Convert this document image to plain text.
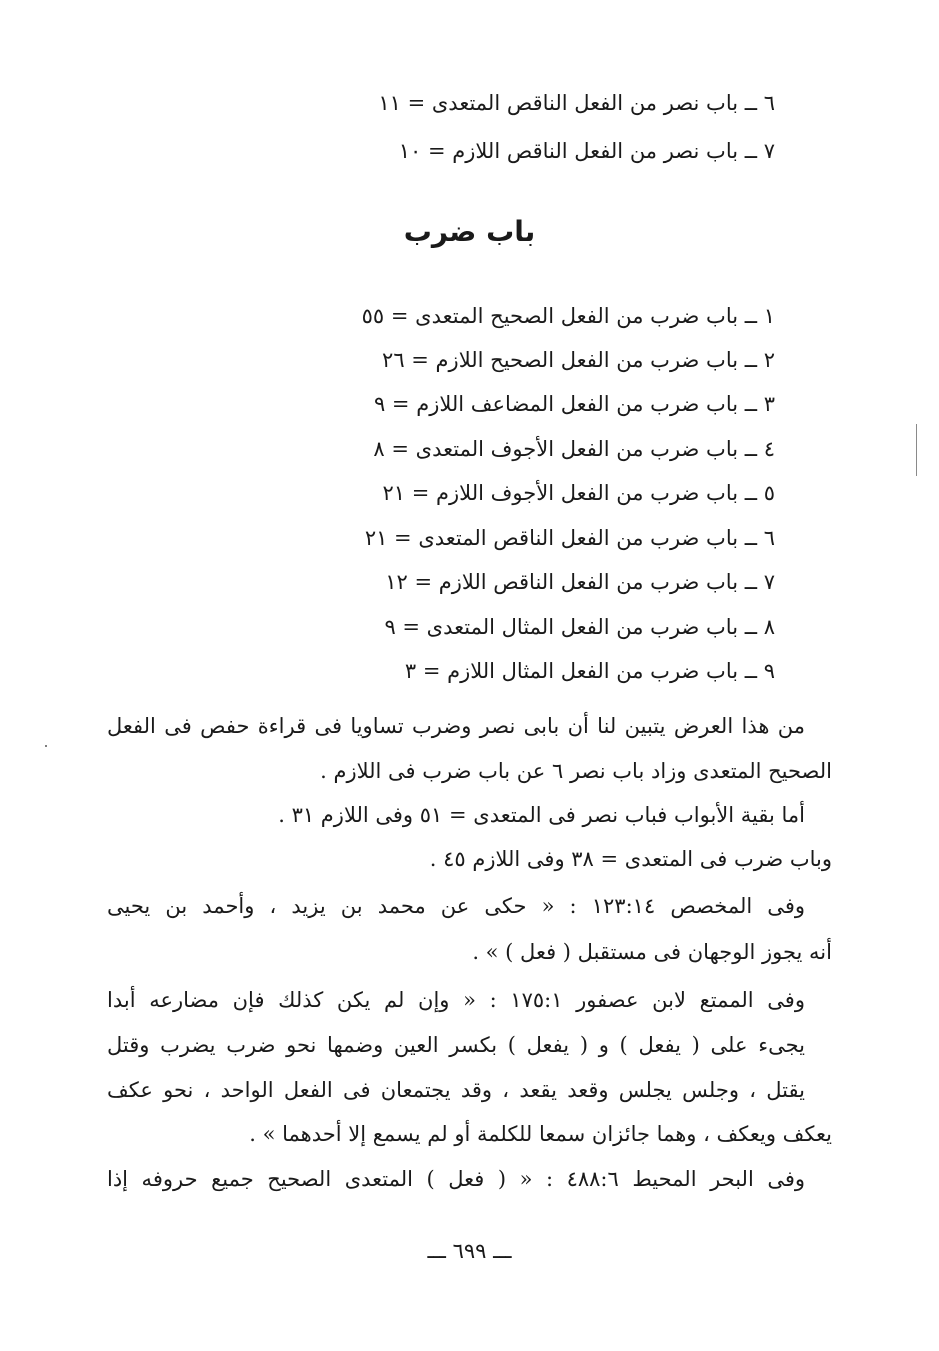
٦ ــ باب نصر من الفعل الناقص المتعدى = ١١
٧ ــ باب نصر من الفعل الناقص اللازم = ١٠
باب ضرب
١ ــ باب ضرب من الفعل الصحيح المتعدى = ٥٥
٢ ــ باب ضرب من الفعل الصحيح اللازم = ٢٦
٣ ــ باب ضرب من الفعل المضاعف اللازم = ٩
٤ ــ باب ضرب من الفعل الأجوف المتعدى = ٨
٥ ــ باب ضرب من الفعل الأجوف اللازم = ٢١
٦ ــ باب ضرب من الفعل الناقص المتعدى = ٢١
٧ ــ باب ضرب من الفعل الناقص اللازم = ١٢
٨ ــ باب ضرب من الفعل المثال المتعدى = ٩
٩ ــ باب ضرب من الفعل المثال اللازم = ٣
من هذا العرض يتبين لنا أن بابى نصر وضرب تساويا فى قراءة حفص فى الفعل
الصحيح المتعدى وزاد باب نصر ٦ عن باب ضرب فى اللازم .
أما بقية الأبواب فباب نصر فى المتعدى = ٥١ وفى اللازم ٣١ .
وباب ضرب فى المتعدى = ٣٨ وفى اللازم ٤٥ .
وفى المخصص ١٢٣:١٤ : « حكى عن محمد بن يزيد ، وأحمد بن يحيى
أنه يجوز الوجهان فى مستقبل ( فعل ) » .
وفى الممتع لابن عصفور ١٧٥:١ : « وإن لم يكن كذلك فإن مضارعه أبدا
يجىء على ( يفعل ) و ( يفعل ) بكسر العين وضمها نحو ضرب يضرب وقتل
يقتل ، وجلس يجلس وقعد يقعد ، وقد يجتمعان فى الفعل الواحد ، نحو عكف
يعكف ويعكف ، وهما جائزان سمعا للكلمة أو لم يسمع إلا أحدهما » .
وفى البحر المحيط ٤٨٨:٦ : « ( فعل ) المتعدى الصحيح جميع حروفه إذا
ـــ ٦٩٩ ـــ
